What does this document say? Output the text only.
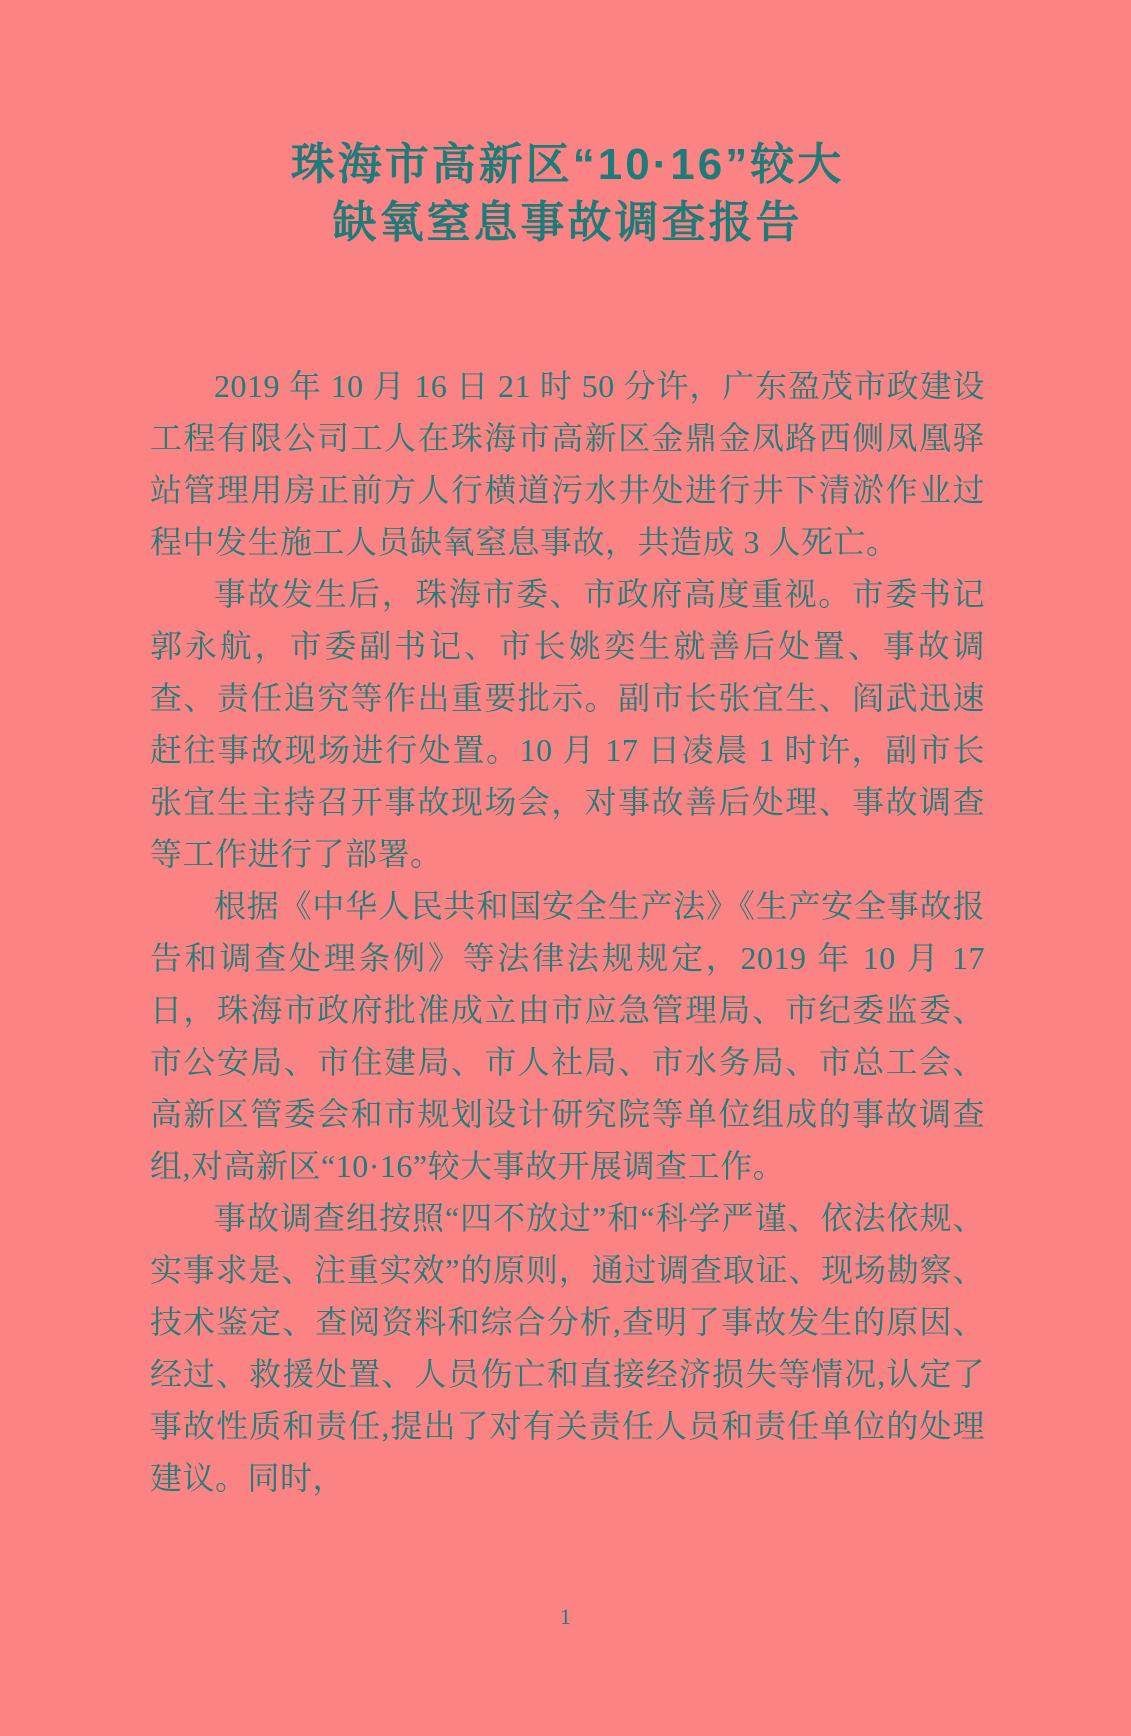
珠海市高新区“10·16”较大
缺氧窒息事故调查报告

2019 年 10 月 16 日 21 时 50 分许，广东盈茂市政建设工程有限公司工人在珠海市高新区金鼎金凤路西侧凤凰驿站管理用房正前方人行横道污水井处进行井下清淤作业过程中发生施工人员缺氧窒息事故，共造成 3 人死亡。

事故发生后，珠海市委、市政府高度重视。市委书记郭永航，市委副书记、市长姚奕生就善后处置、事故调查、责任追究等作出重要批示。副市长张宜生、阎武迅速赶往事故现场进行处置。10 月 17 日凌晨 1 时许，副市长张宜生主持召开事故现场会，对事故善后处理、事故调查等工作进行了部署。

根据《中华人民共和国安全生产法》《生产安全事故报告和调查处理条例》等法律法规规定，2019 年 10 月 17 日，珠海市政府批准成立由市应急管理局、市纪委监委、市公安局、市住建局、市人社局、市水务局、市总工会、高新区管委会和市规划设计研究院等单位组成的事故调查组,对高新区“10·16”较大事故开展调查工作。

事故调查组按照“四不放过”和“科学严谨、依法依规、实事求是、注重实效”的原则，通过调查取证、现场勘察、技术鉴定、查阅资料和综合分析,查明了事故发生的原因、经过、救援处置、人员伤亡和直接经济损失等情况,认定了事故性质和责任,提出了对有关责任人员和责任单位的处理建议。同时，

1
